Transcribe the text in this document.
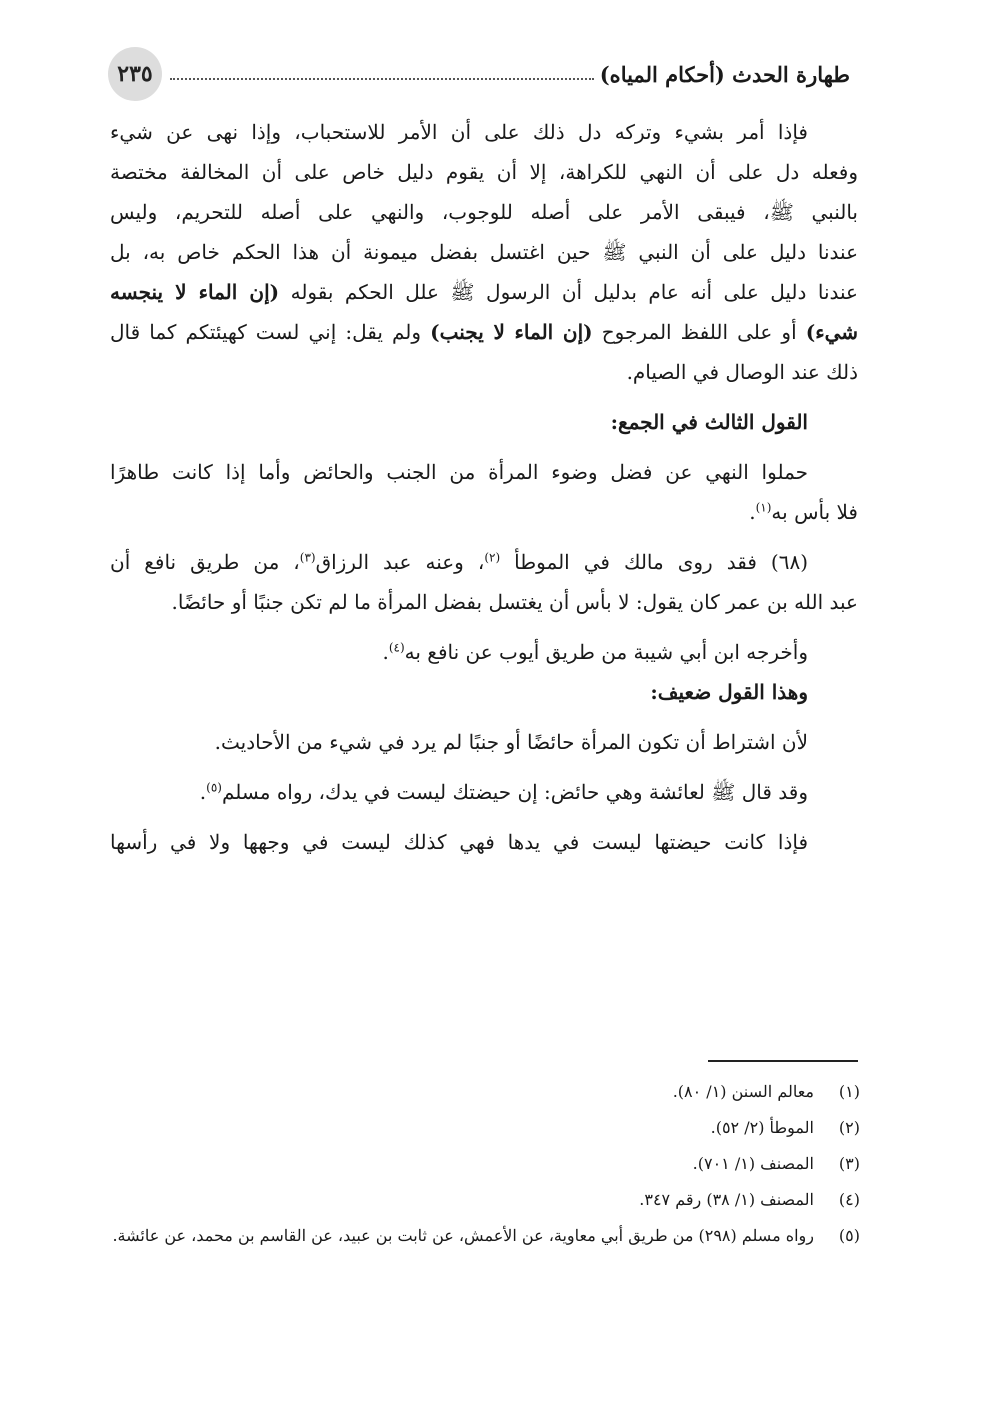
طهارة الحدث (أحكام المياه)
٢٣٥

فإذا أمر بشيء وتركه دل ذلك على أن الأمر للاستحباب، وإذا نهى عن شيء

وفعله دل على أن النهي للكراهة، إلا أن يقوم دليل خاص على أن المخالفة مختصة

بالنبي ﷺ، فيبقى الأمر على أصله للوجوب، والنهي على أصله للتحريم، وليس

عندنا دليل على أن النبي ﷺ حين اغتسل بفضل ميمونة أن هذا الحكم خاص به، بل

عندنا دليل على أنه عام بدليل أن الرسول ﷺ علل الحكم بقوله (إن الماء لا ينجسه

شيء) أو على اللفظ المرجوح (إن الماء لا يجنب) ولم يقل: إني لست كهيئتكم كما قال

ذلك عند الوصال في الصيام.

القول الثالث في الجمع:

حملوا النهي عن فضل وضوء المرأة من الجنب والحائض وأما إذا كانت طاهرًا

فلا بأس به$^{(١)}$.

(٦٨) فقد روى مالك في الموطأ $^{(٢)}$، وعنه عبد الرزاق$^{(٣)}$، من طريق نافع أن

عبد الله بن عمر كان يقول: لا بأس أن يغتسل بفضل المرأة ما لم تكن جنبًا أو حائضًا.

وأخرجه ابن أبي شيبة من طريق أيوب عن نافع به$^{(٤)}$.

وهذا القول ضعيف:

لأن اشتراط أن تكون المرأة حائضًا أو جنبًا لم يرد في شيء من الأحاديث.

وقد قال ﷺ لعائشة وهي حائض: إن حيضتك ليست في يدك، رواه مسلم$^{(٥)}$.

فإذا كانت حيضتها ليست في يدها فهي كذلك ليست في وجهها ولا في رأسها

(١)
معالم السنن (١/ ٨٠).
(٢)
الموطأ (٢/ ٥٢).
(٣)
المصنف (١/ ٧٠١).
(٤)
المصنف (١/ ٣٨) رقم ٣٤٧.
(٥)
رواه مسلم (٢٩٨) من طريق أبي معاوية، عن الأعمش، عن ثابت بن عبيد، عن القاسم بن محمد، عن عائشة.
